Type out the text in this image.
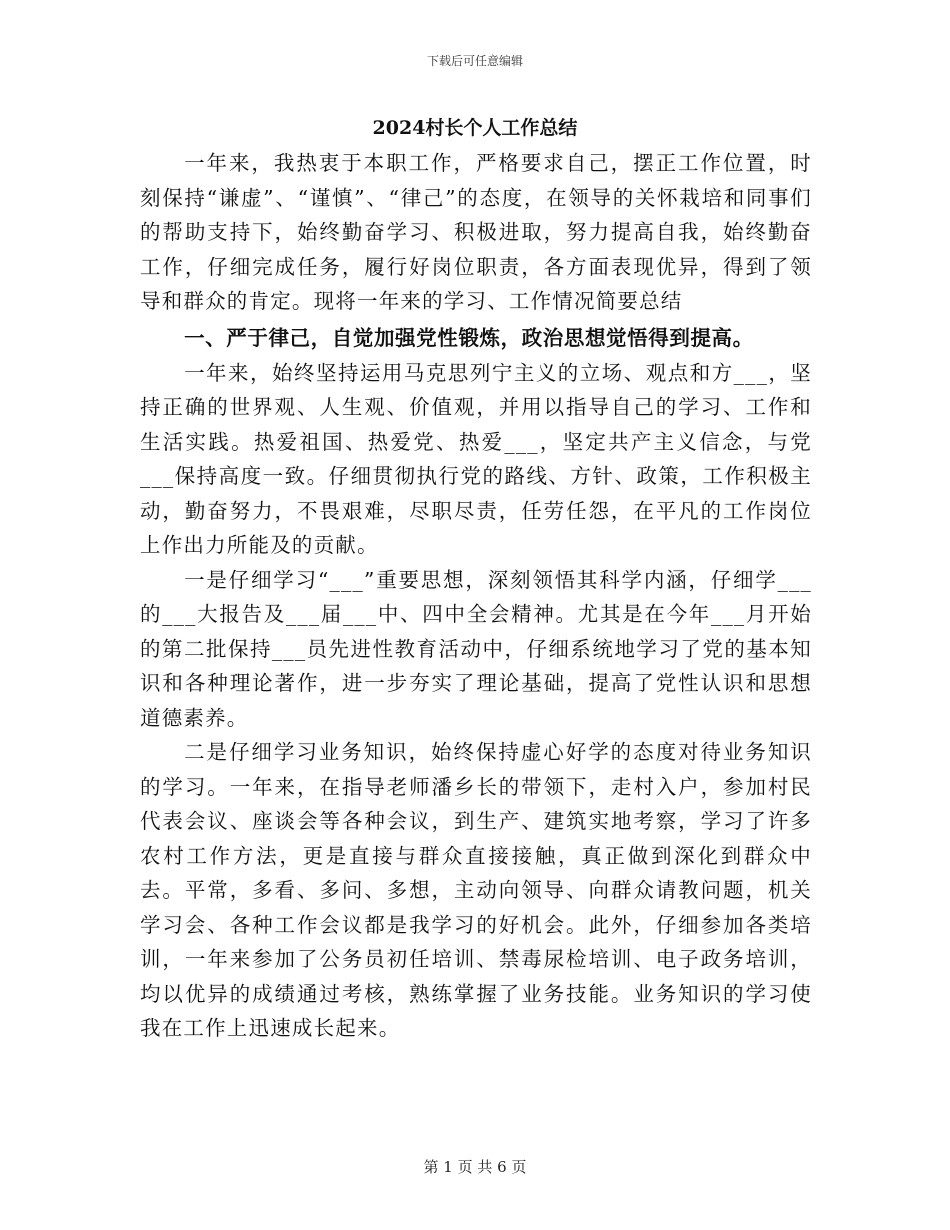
下载后可任意编辑
2024村长个人工作总结

一年来，我热衷于本职工作，严格要求自己，摆正工作位置，时刻保持“谦虚”、“谨慎”、“律己”的态度，在领导的关怀栽培和同事们的帮助支持下，始终勤奋学习、积极进取，努力提高自我，始终勤奋工作，仔细完成任务，履行好岗位职责，各方面表现优异，得到了领导和群众的肯定。现将一年来的学习、工作情况简要总结

一、严于律己，自觉加强党性锻炼，政治思想觉悟得到提高。

一年来，始终坚持运用马克思列宁主义的立场、观点和方___，坚持正确的世界观、人生观、价值观，并用以指导自己的学习、工作和生活实践。热爱祖国、热爱党、热爱___，坚定共产主义信念，与党___保持高度一致。仔细贯彻执行党的路线、方针、政策，工作积极主动，勤奋努力，不畏艰难，尽职尽责，任劳任怨，在平凡的工作岗位上作出力所能及的贡献。

一是仔细学习“___”重要思想，深刻领悟其科学内涵，仔细学___的___大报告及___届___中、四中全会精神。尤其是在今年___月开始的第二批保持___员先进性教育活动中，仔细系统地学习了党的基本知识和各种理论著作，进一步夯实了理论基础，提高了党性认识和思想道德素养。

二是仔细学习业务知识，始终保持虚心好学的态度对待业务知识的学习。一年来，在指导老师潘乡长的带领下，走村入户，参加村民代表会议、座谈会等各种会议，到生产、建筑实地考察，学习了许多农村工作方法，更是直接与群众直接接触，真正做到深化到群众中去。平常，多看、多问、多想，主动向领导、向群众请教问题，机关学习会、各种工作会议都是我学习的好机会。此外，仔细参加各类培训，一年来参加了公务员初任培训、禁毒尿检培训、电子政务培训，均以优异的成绩通过考核，熟练掌握了业务技能。业务知识的学习使我在工作上迅速成长起来。

第 1 页 共 6 页
